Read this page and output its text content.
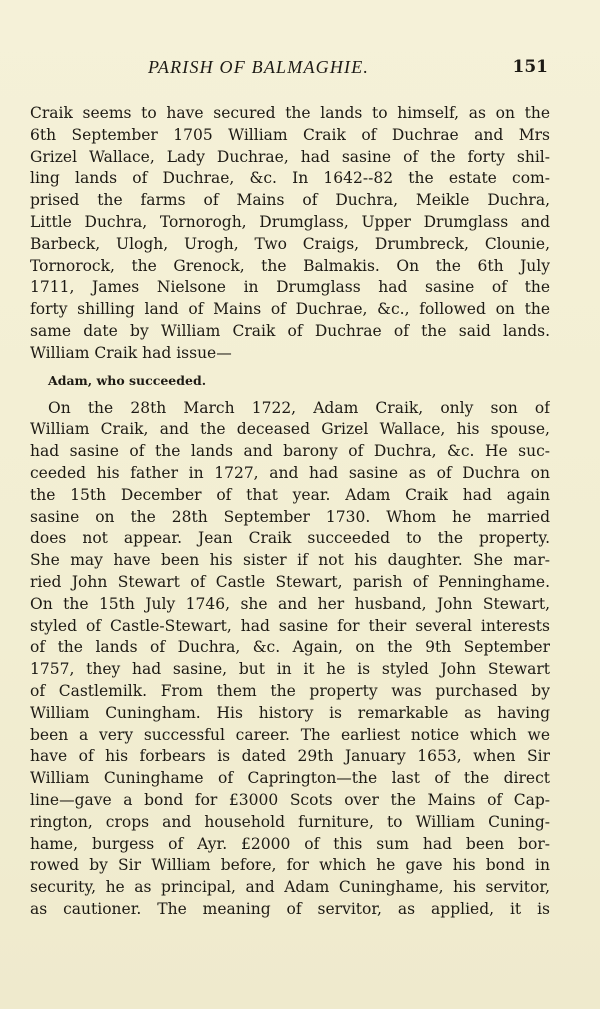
PARISH OF BALMAGHIE.	151
Craik seems to have secured the lands to himself, as on the
6th September 1705 William Craik of Duchrae and Mrs
Grizel Wallace, Lady Duchrae, had sasine of the forty shil-
ling lands of Duchrae, &c. In 1642--82 the estate com-
prised the farms of Mains of Duchra, Meikle Duchra,
Little Duchra, Tornorogh, Drumglass, Upper Drumglass and
Barbeck, Ulogh, Urogh, Two Craigs, Drumbreck, Clounie,
Tornorock, the Grenock, the Balmakis. On the 6th July
1711, James Nielsone in Drumglass had sasine of the
forty shilling land of Mains of Duchrae, &c., followed on the
same date by William Craik of Duchrae of the said lands.
William Craik had issue—
Adam, who succeeded.
On the 28th March 1722, Adam Craik, only son of
William Craik, and the deceased Grizel Wallace, his spouse,
had sasine of the lands and barony of Duchra, &c. He suc-
ceeded his father in 1727, and had sasine as of Duchra on
the 15th December of that year. Adam Craik had again
sasine on the 28th September 1730. Whom he married
does not appear. Jean Craik succeeded to the property.
She may have been his sister if not his daughter. She mar-
ried John Stewart of Castle Stewart, parish of Penninghame.
On the 15th July 1746, she and her husband, John Stewart,
styled of Castle-Stewart, had sasine for their several interests
of the lands of Duchra, &c. Again, on the 9th September
1757, they had sasine, but in it he is styled John Stewart
of Castlemilk. From them the property was purchased by
William Cuningham. His history is remarkable as having
been a very successful career. The earliest notice which we
have of his forbears is dated 29th January 1653, when Sir
William Cuninghame of Caprington—the last of the direct
line—gave a bond for £3000 Scots over the Mains of Cap-
rington, crops and household furniture, to William Cuning-
hame, burgess of Ayr. £2000 of this sum had been bor-
rowed by Sir William before, for which he gave his bond in
security, he as principal, and Adam Cuninghame, his servitor,
as cautioner. The meaning of servitor, as applied, it is
